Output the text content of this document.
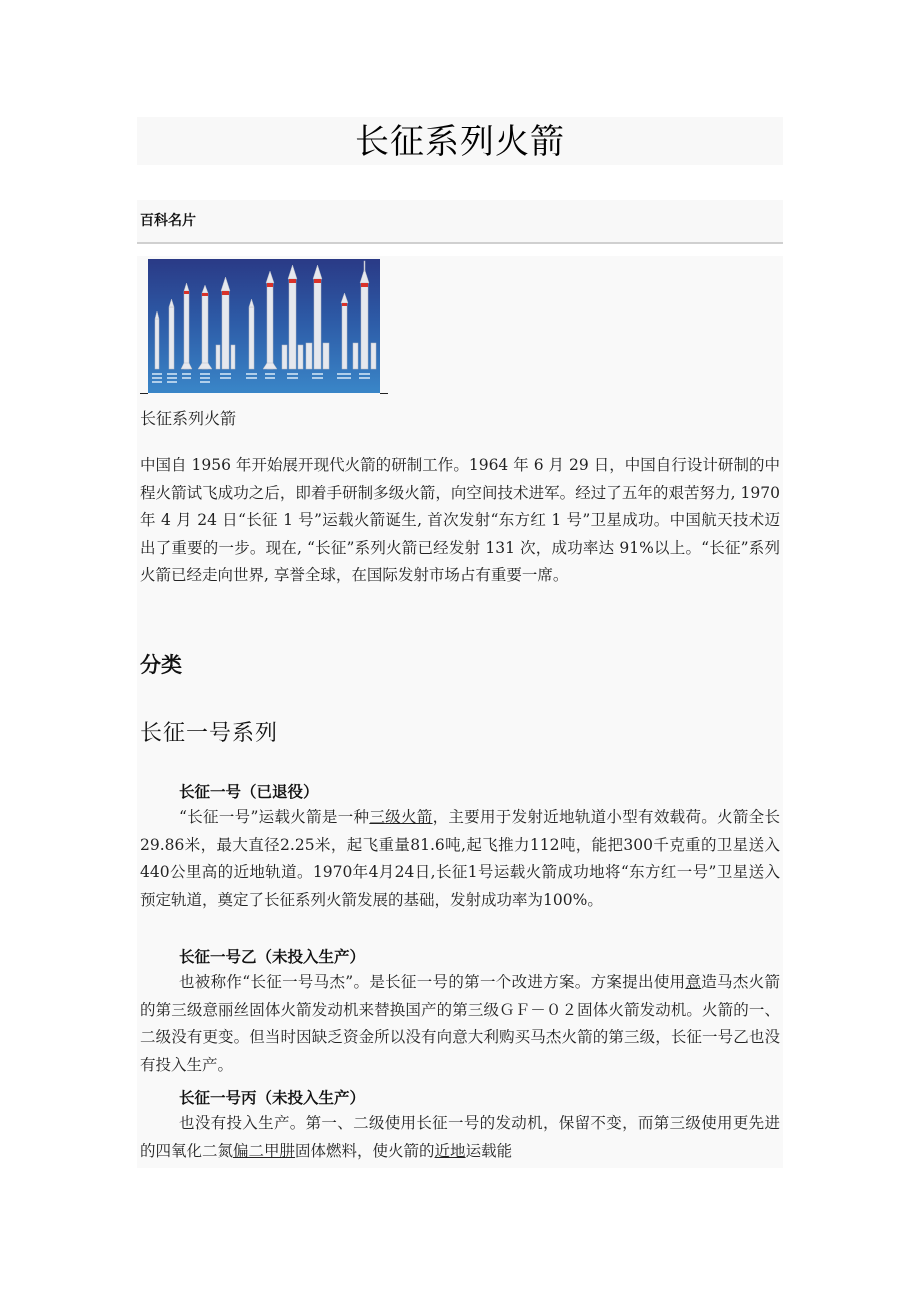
长征系列火箭
百科名片
长征系列火箭

中国自 1956 年开始展开现代火箭的研制工作。1964 年 6 月 29 日，中国自行设计研制的中程火箭试飞成功之后，即着手研制多级火箭，向空间技术进军。经过了五年的艰苦努力, 1970 年 4 月 24 日“长征 1 号”运载火箭诞生, 首次发射“东方红 1 号”卫星成功。中国航天技术迈出了重要的一步。现在, “长征”系列火箭已经发射 131 次，成功率达 91%以上。“长征”系列火箭已经走向世界, 享誉全球，在国际发射市场占有重要一席。

分类
长征一号系列
长征一号（已退役）

“长征一号”运载火箭是一种三级火箭，主要用于发射近地轨道小型有效载荷。火箭全长29.86米，最大直径2.25米，起飞重量81.6吨,起飞推力112吨，能把300千克重的卫星送入440公里高的近地轨道。1970年4月24日,长征1号运载火箭成功地将“东方红一号”卫星送入预定轨道，奠定了长征系列火箭发展的基础，发射成功率为100%。

长征一号乙（未投入生产）

也被称作“长征一号马杰”。是长征一号的第一个改进方案。方案提出使用意造马杰火箭的第三级意丽丝固体火箭发动机来替换国产的第三级ＧＦ－０２固体火箭发动机。火箭的一、二级没有更变。但当时因缺乏资金所以没有向意大利购买马杰火箭的第三级，长征一号乙也没有投入生产。

长征一号丙（未投入生产）

也没有投入生产。第一、二级使用长征一号的发动机，保留不变，而第三级使用更先进的四氧化二氮偏二甲肼固体燃料，使火箭的近地运载能
